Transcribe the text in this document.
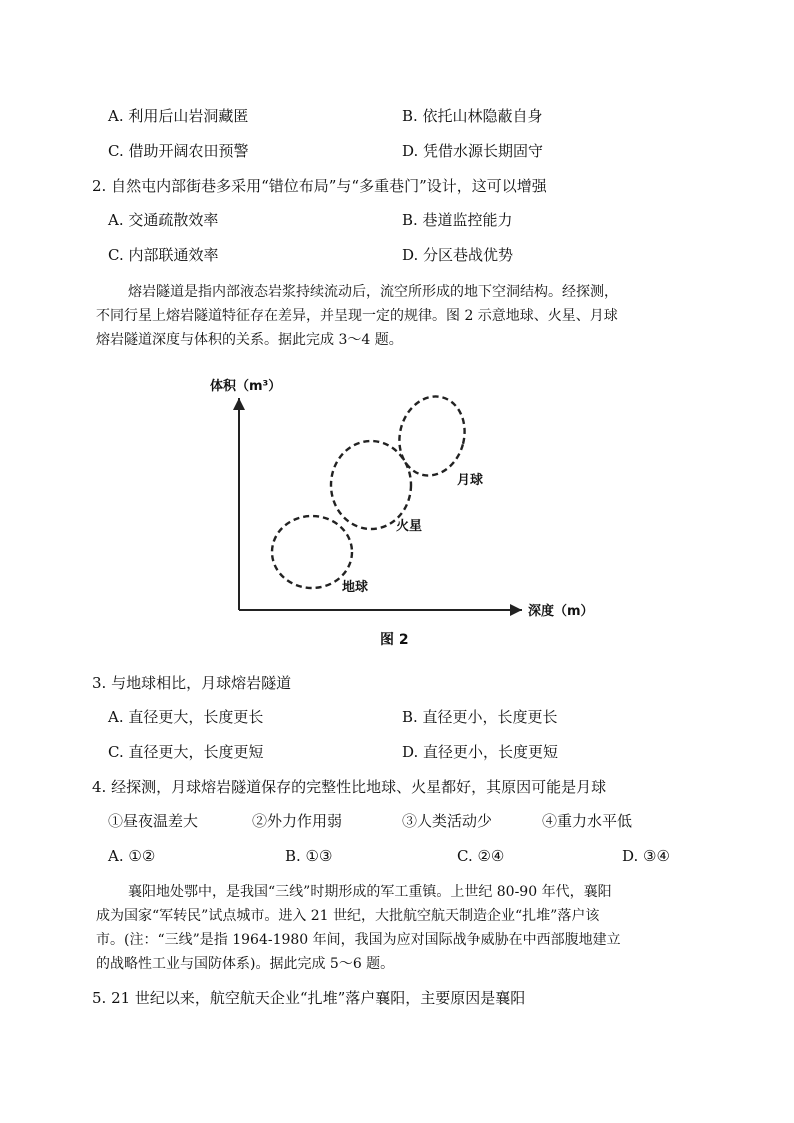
A. 利用后山岩洞藏匿	B. 依托山林隐蔽自身
C. 借助开阔农田预警	D. 凭借水源长期固守
2. 自然屯内部街巷多采用“错位布局”与“多重巷门”设计，这可以增强
A. 交通疏散效率	B. 巷道监控能力
C. 内部联通效率	D. 分区巷战优势
熔岩隧道是指内部液态岩浆持续流动后，流空所形成的地下空洞结构。经探测，
不同行星上熔岩隧道特征存在差异，并呈现一定的规律。图 2 示意地球、火星、月球
熔岩隧道深度与体积的关系。据此完成 3～4 题。
体积（m³）
深度（m）
地球
火星
月球
图 2
3. 与地球相比，月球熔岩隧道
A. 直径更大，长度更长	B. 直径更小，长度更长
C. 直径更大，长度更短	D. 直径更小，长度更短
4. 经探测，月球熔岩隧道保存的完整性比地球、火星都好，其原因可能是月球
①昼夜温差大	②外力作用弱	③人类活动少	④重力水平低
A. ①②	B. ①③	C. ②④	D. ③④
襄阳地处鄂中，是我国“三线”时期形成的军工重镇。上世纪 80-90 年代，襄阳
成为国家“军转民”试点城市。进入 21 世纪，大批航空航天制造企业“扎堆”落户该
市。(注：“三线”是指 1964-1980 年间，我国为应对国际战争威胁在中西部腹地建立
的战略性工业与国防体系)。据此完成 5～6 题。
5. 21 世纪以来，航空航天企业“扎堆”落户襄阳，主要原因是襄阳
